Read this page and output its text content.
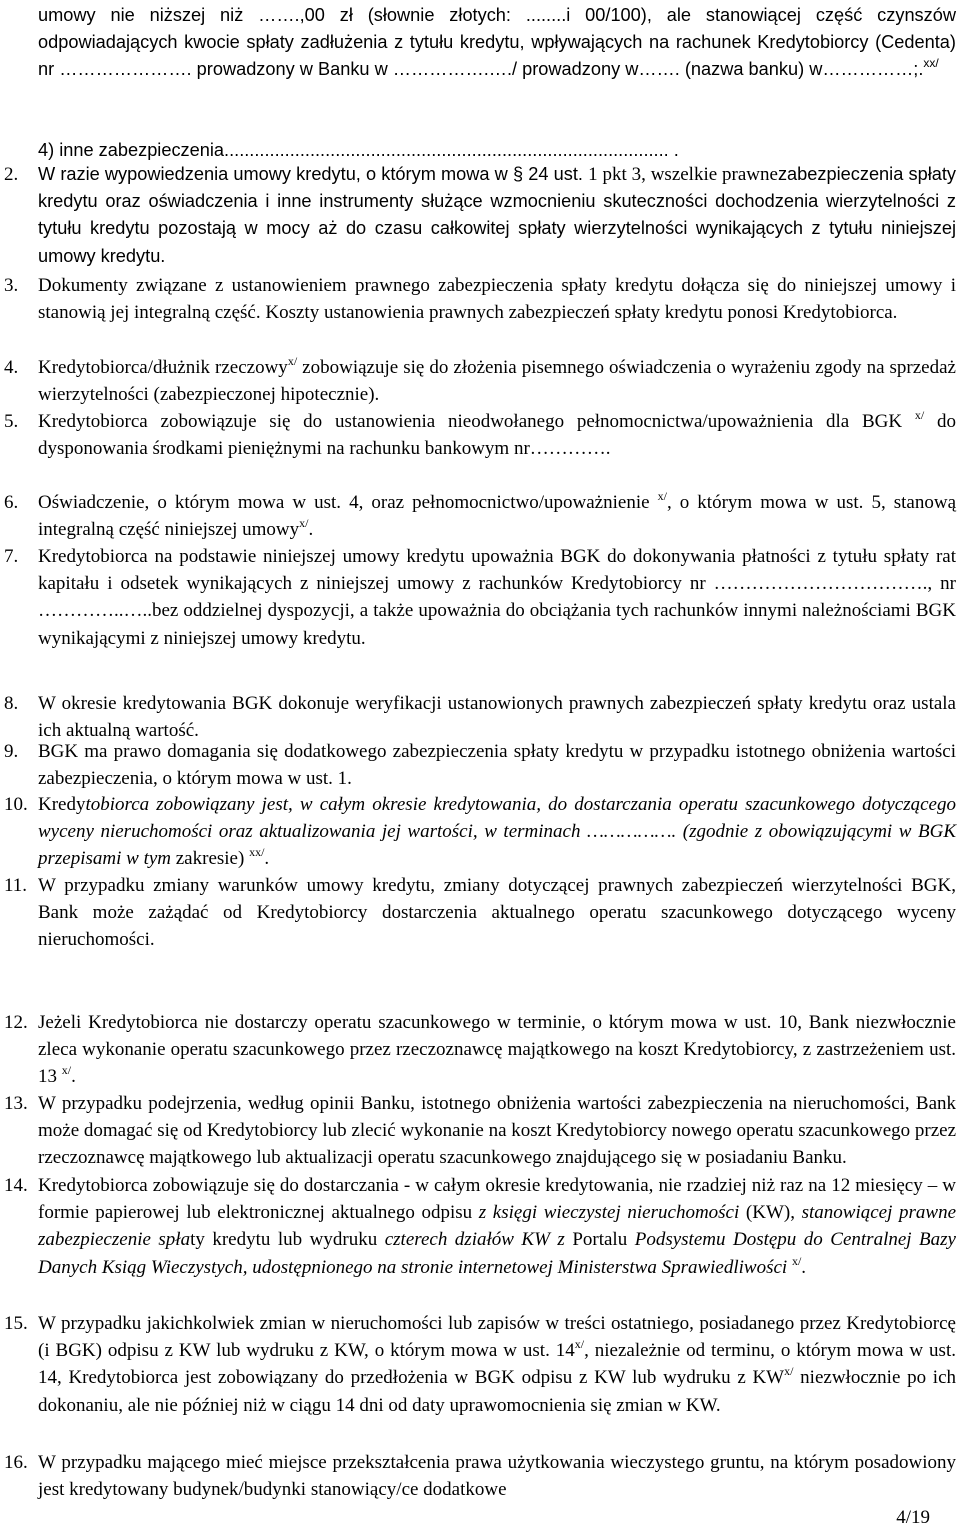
umowy nie niższej niż …….,00 zł (słownie złotych: ........i 00/100), ale stanowiącej część czynszów odpowiadających kwocie spłaty zadłużenia z tytułu kredytu, wpływających na rachunek Kredytobiorcy (Cedenta) nr …………………. prowadzony w Banku w …………….…./ prowadzony w……. (nazwa banku) w……………;.$^{xx/}$
4) inne zabezpieczenia........................................................................................ .
2.	W razie wypowiedzenia umowy kredytu, o którym mowa w § 24 ust. 1 pkt 3, wszelkie prawnezabezpieczenia spłaty kredytu oraz oświadczenia i inne instrumenty służące wzmocnieniu skuteczności dochodzenia wierzytelności z tytułu kredytu pozostają w mocy aż do czasu całkowitej spłaty wierzytelności wynikających z tytułu niniejszej umowy kredytu.
3.	Dokumenty związane z ustanowieniem prawnego zabezpieczenia spłaty kredytu dołącza się do niniejszej umowy i stanowią jej integralną część. Koszty ustanowienia prawnych zabezpieczeń spłaty kredytu ponosi Kredytobiorca.
4.	Kredytobiorca/dłużnik rzeczowy$^{x/}$ zobowiązuje się do złożenia pisemnego oświadczenia o wyrażeniu zgody na sprzedaż wierzytelności (zabezpieczonej hipotecznie).
5.	Kredytobiorca zobowiązuje się do ustanowienia nieodwołanego pełnomocnictwa/upoważnienia dla BGK $^{x/}$ do dysponowania środkami pieniężnymi na rachunku bankowym nr………….
6.	Oświadczenie, o którym mowa w ust. 4, oraz pełnomocnictwo/upoważnienie $^{x/}$, o którym mowa w ust. 5, stanową integralną część niniejszej umowy$^{x/}$.
7.	Kredytobiorca na podstawie niniejszej umowy kredytu upoważnia BGK do dokonywania płatności z tytułu spłaty rat kapitału i odsetek wynikających z niniejszej umowy z rachunków Kredytobiorcy nr ……………………………., nr …………..…..bez oddzielnej dyspozycji, a także upoważnia do obciążania tych rachunków innymi należnościami BGK wynikającymi z niniejszej umowy kredytu.
8.	W okresie kredytowania BGK dokonuje weryfikacji ustanowionych prawnych zabezpieczeń spłaty kredytu oraz ustala ich aktualną wartość.
9.	BGK ma prawo domagania się dodatkowego zabezpieczenia spłaty kredytu w przypadku istotnego obniżenia wartości zabezpieczenia, o którym mowa w ust. 1.
10. Kredytobiorca zobowiązany jest, w całym okresie kredytowania, do dostarczania operatu szacunkowego dotyczącego wyceny nieruchomości oraz aktualizowania jej wartości, w terminach ……………. (zgodnie z obowiązującymi w BGK przepisami w tym zakresie) $^{xx/}$.
11. W przypadku zmiany warunków umowy kredytu, zmiany dotyczącej prawnych zabezpieczeń wierzytelności BGK, Bank może zażądać od Kredytobiorcy dostarczenia aktualnego operatu szacunkowego dotyczącego wyceny nieruchomości.
12. Jeżeli Kredytobiorca nie dostarczy operatu szacunkowego w terminie, o którym mowa w ust. 10, Bank niezwłocznie zleca wykonanie operatu szacunkowego przez rzeczoznawcę majątkowego na koszt Kredytobiorcy, z zastrzeżeniem ust. 13 $^{x/}$.
13. W przypadku podejrzenia, według opinii Banku, istotnego obniżenia wartości zabezpieczenia na nieruchomości, Bank może domagać się od Kredytobiorcy lub zlecić wykonanie na koszt Kredytobiorcy nowego operatu szacunkowego przez rzeczoznawcę majątkowego lub aktualizacji operatu szacunkowego znajdującego się w posiadaniu Banku.
14. Kredytobiorca zobowiązuje się do dostarczania - w całym okresie kredytowania, nie rzadziej niż raz na 12 miesięcy – w formie papierowej lub elektronicznej aktualnego odpisu z księgi wieczystej nieruchomości (KW), stanowiącej prawne zabezpieczenie spłaty kredytu lub wydruku czterech działów KW z Portalu Podsystemu Dostępu do Centralnej Bazy Danych Ksiąg Wieczystych, udostępnionego na stronie internetowej Ministerstwa Sprawiedliwości $^{x/}$.
15. W przypadku jakichkolwiek zmian w nieruchomości lub zapisów w treści ostatniego, posiadanego przez Kredytobiorcę (i BGK) odpisu z KW lub wydruku z KW, o którym mowa w ust. $14^{x/}$, niezależnie od terminu, o którym mowa w ust. 14, Kredytobiorca jest zobowiązany do przedłożenia w BGK odpisu z KW lub wydruku z $KW^{x/}$ niezwłocznie po ich dokonaniu, ale nie później niż w ciągu 14 dni od daty uprawomocnienia się zmian w KW.
16. W przypadku mającego mieć miejsce przekształcenia prawa użytkowania wieczystego gruntu, na którym posadowiony jest kredytowany budynek/budynki stanowiący/ce dodatkowe
4/19
